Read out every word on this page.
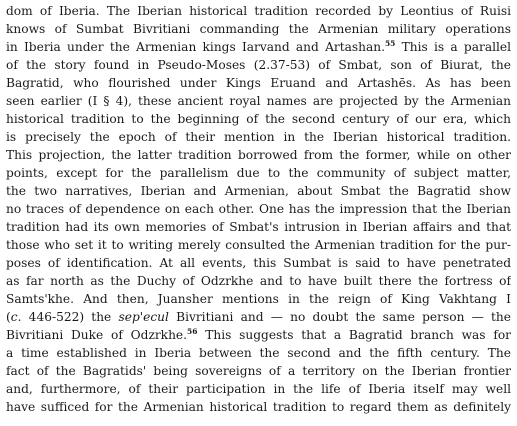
dom of Iberia. The Iberian historical tradition recorded by Leontius of Ruisi
knows of Sumbat Bivritiani commanding the Armenian military operations
in Iberia under the Armenian kings Iarvand and Artashan.$^{55}$ This is a parallel
of the story found in Pseudo-Moses (2.37-53) of Smbat, son of Biurat, the
Bagratid, who flourished under Kings Eruand and Artashēs. As has been
seen earlier (I § 4), these ancient royal names are projected by the Armenian
historical tradition to the beginning of the second century of our era, which
is precisely the epoch of their mention in the Iberian historical tradition.
This projection, the latter tradition borrowed from the former, while on other
points, except for the parallelism due to the community of subject matter,
the two narratives, Iberian and Armenian, about Smbat the Bagratid show
no traces of dependence on each other. One has the impression that the Iberian
tradition had its own memories of Smbat's intrusion in Iberian affairs and that
those who set it to writing merely consulted the Armenian tradition for the pur-
poses of identification. At all events, this Sumbat is said to have penetrated
as far north as the Duchy of Odzrkhe and to have built there the fortress of
Samts'khe. And then, Juansher mentions in the reign of King Vakhtang I
(c. 446-522) the sep'ecul Bivritiani and — no doubt the same person — the
Bivritiani Duke of Odzrkhe.$^{56}$ This suggests that a Bagratid branch was for
a time established in Iberia between the second and the fifth century. The
fact of the Bagratids' being sovereigns of a territory on the Iberian frontier
and, furthermore, of their participation in the life of Iberia itself may well
have sufficed for the Armenian historical tradition to regard them as definitely
